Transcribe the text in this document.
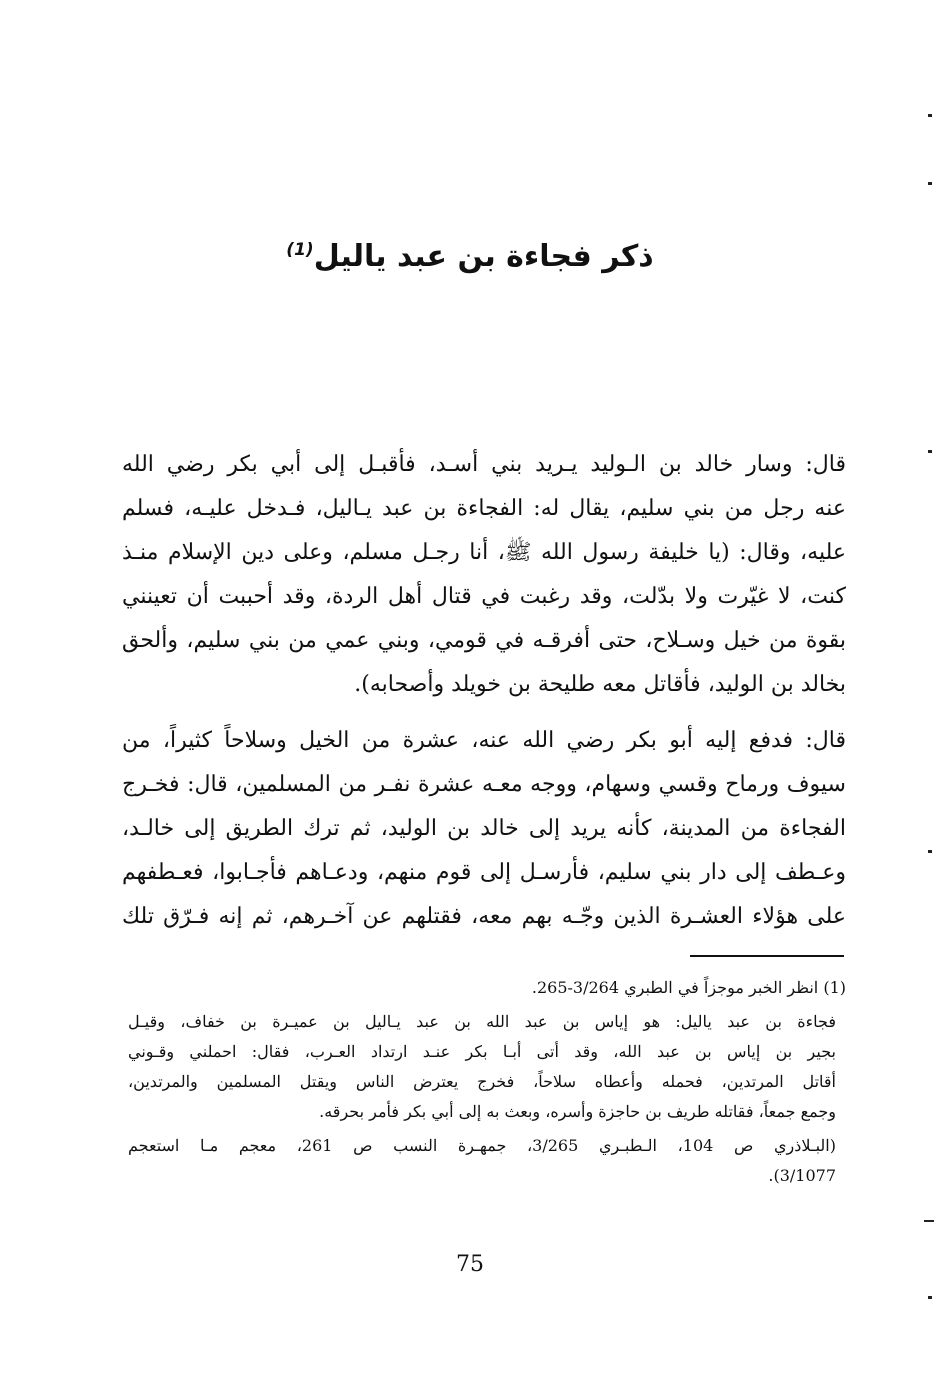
ذكر فجاءة بن عبد ياليل$^{(1)}$

قال: وسار خالد بن الـوليد يـريد بني أسـد، فأقبـل إلى أبي بكر رضي الله
عنه رجل من بني سليم، يقال له: الفجاءة بن عبد يـاليل، فـدخل عليـه، فسلم
عليه، وقال: (يا خليفة رسول الله ﷺ، أنا رجـل مسلم، وعلى دين الإسلام منـذ
كنت، لا غيّرت ولا بدّلت، وقد رغبت في قتال أهل الردة، وقد أحببت أن تعينني
بقوة من خيل وسـلاح، حتى أفرقـه في قومي، وبني عمي من بني سليم، وألحق
بخالد بن الوليد، فأقاتل معه طليحة بن خويلد وأصحابه).

قال: فدفع إليه أبو بكر رضي الله عنه، عشرة من الخيل وسلاحاً كثيراً، من
سيوف ورماح وقسي وسهام، ووجه معـه عشرة نفـر من المسلمين، قال: فخـرج
الفجاءة من المدينة، كأنه يريد إلى خالد بن الوليد، ثم ترك الطريق إلى خالـد،
وعـطف إلى دار بني سليم، فأرسـل إلى قوم منهم، ودعـاهم فأجـابوا، فعـطفهم
على هؤلاء العشـرة الذين وجّـه بهم معه، فقتلهم عن آخـرهم، ثم إنه فـرّق تلك

(1) انظر الخبر موجزاً في الطبري 3/264-265.
فجاءة بن عبد ياليل: هو إياس بن عبد الله بن عبد يـاليل بن عميـرة بن خفاف، وقيـل
بجير بن إياس بن عبد الله، وقد أتى أبـا بكر عنـد ارتداد العـرب، فقال: احملني وقـوني
أقاتل المرتدين، فحمله وأعطاه سلاحاً، فخرج يعترض الناس ويقتل المسلمين والمرتدين،
وجمع جمعاً، فقاتله طريف بن حاجزة وأسره، وبعث به إلى أبي بكر فأمر بحرقه.
(البـلاذري ص 104، الـطبـري 3/265، جمهـرة النسب ص 261، معجم مـا استعجم
3/1077).
75
